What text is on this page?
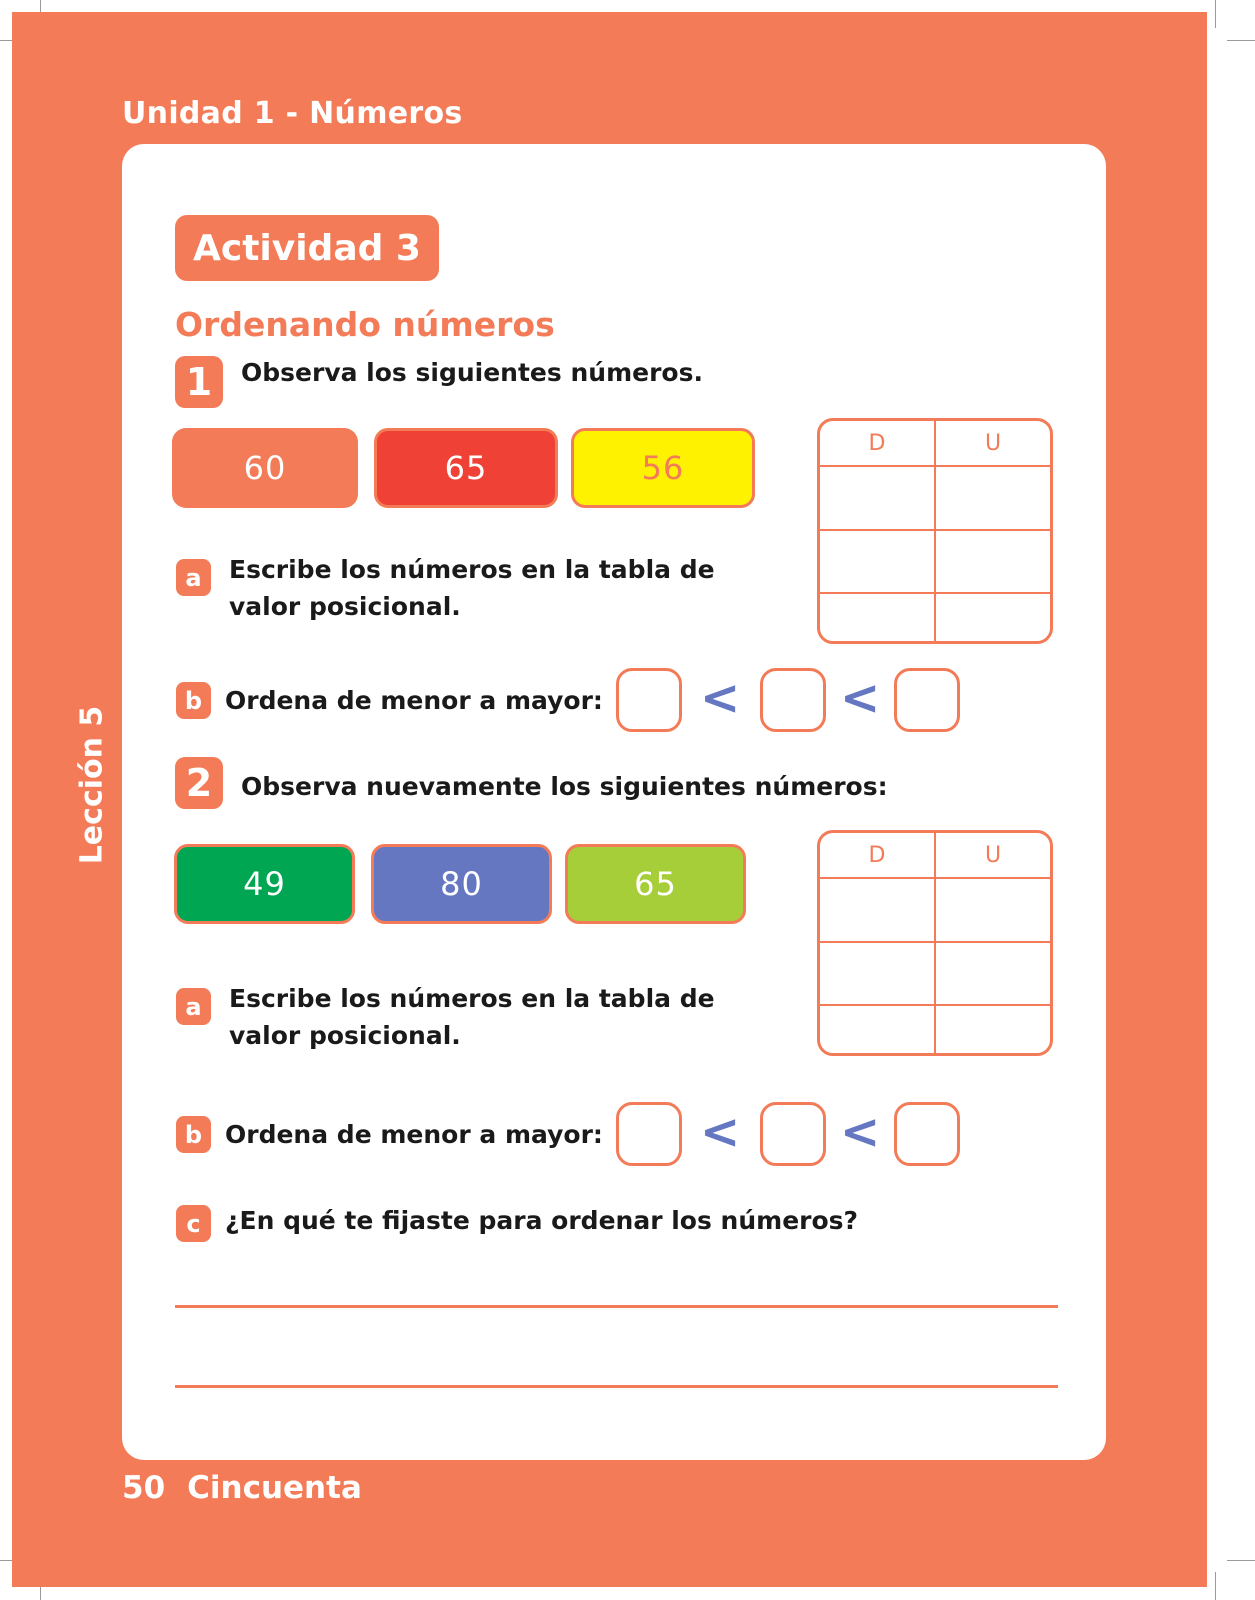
Unidad 1 - Números
Lección 5
Actividad 3
Ordenando números
1	Observa los siguientes números.
60	65	56
D	U

a	Escribe los números en la tabla de
valor posicional.
b Ordena de menor a mayor: < <
2	Observa nuevamente los siguientes números:
49	80	65
D	U

a	Escribe los números en la tabla de
valor posicional.
b Ordena de menor a mayor: < <
c ¿En qué te fijaste para ordenar los números?
50 Cincuenta
